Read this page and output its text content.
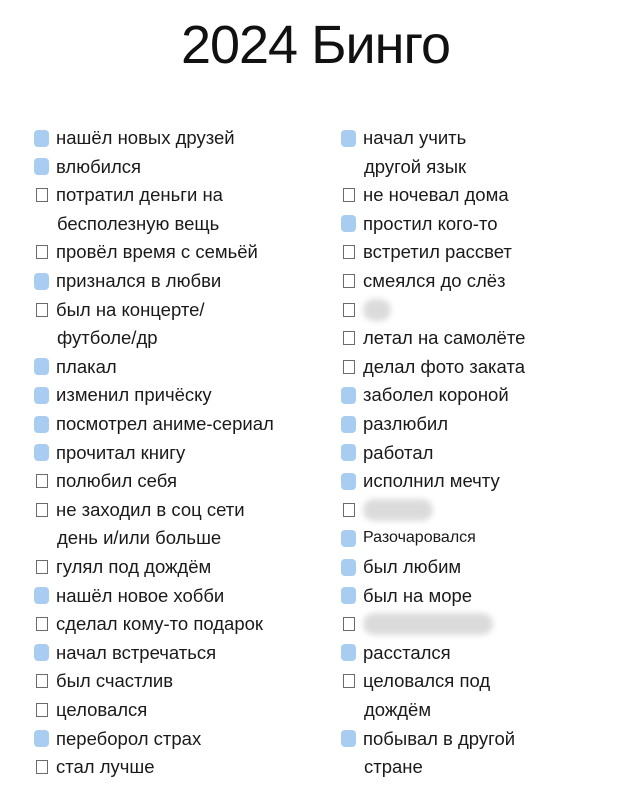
2024 Бинго
нашёл новых друзей
влюбился
потратил деньги на
бесполезную вещь
провёл время с семьёй
признался в любви
был на концерте/
футболе/др
плакал
изменил причёску
посмотрел аниме-сериал
прочитал книгу
полюбил себя
не заходил в соц сети
день и/или больше
гулял под дождём
нашёл новое хобби
сделал кому-то подарок
начал встречаться
был счастлив
целовался
переборол страх
стал лучше
начал учить
другой язык
не ночевал дома
простил кого-то
встретил рассвет
смеялся до слёз
летал на самолёте
делал фото заката
заболел короной
разлюбил
работал
исполнил мечту
Разочаровался
был любим
был на море
расстался
целовался под
дождём
побывал в другой
стране
